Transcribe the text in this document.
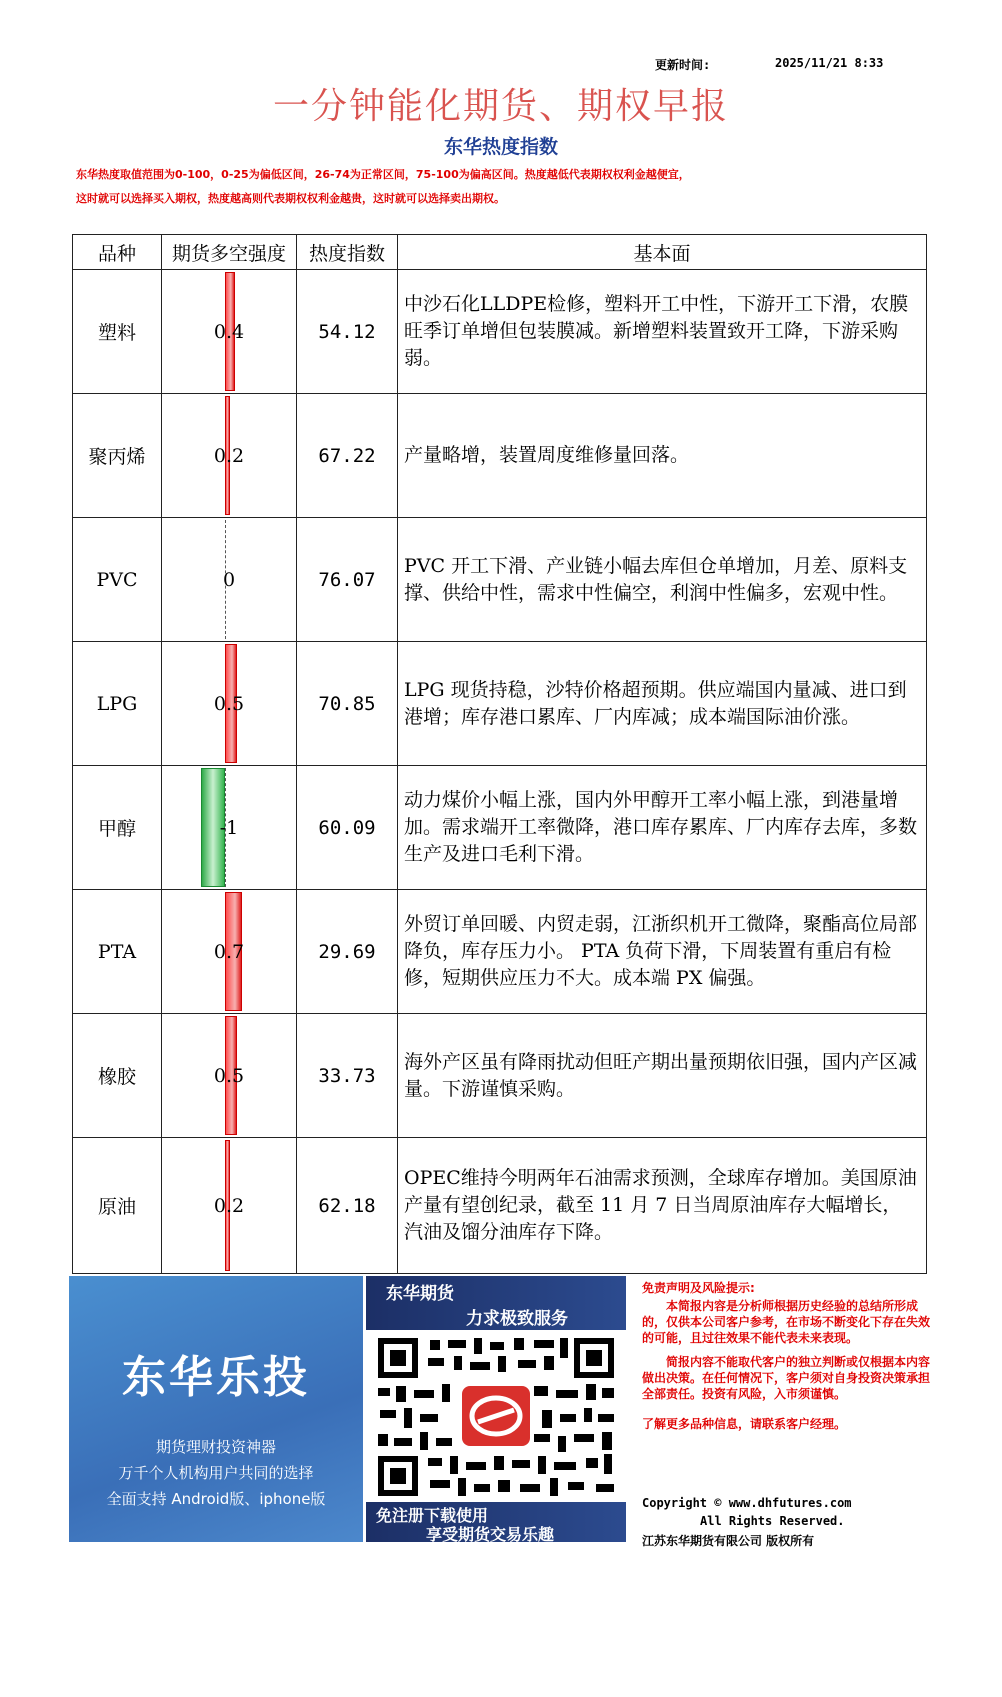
更新时间:	2025/11/21 8:33
一分钟能化期货、期权早报
东华热度指数
东华热度取值范围为0-100，0-25为偏低区间，26-74为正常区间，75-100为偏高区间。热度越低代表期权权利金越便宜，
这时就可以选择买入期权，热度越高则代表期权权利金越贵，这时就可以选择卖出期权。
品种	期货多空强度	热度指数	基本面
塑料	0.4	54.12	中沙石化LLDPE检修，塑料开工中性，下游开工下滑，农膜旺季订单增但包装膜减。新增塑料装置致开工降，下游采购弱。
聚丙烯	0.2	67.22	产量略增，装置周度维修量回落。
PVC	0	76.07	PVC 开工下滑、产业链小幅去库但仓单增加，月差、原料支撑、供给中性，需求中性偏空，利润中性偏多，宏观中性。
LPG	0.5	70.85	LPG 现货持稳，沙特价格超预期。供应端国内量减、进口到港增；库存港口累库、厂内库减；成本端国际油价涨。
甲醇	-1	60.09	动力煤价小幅上涨，国内外甲醇开工率小幅上涨，到港量增加。需求端开工率微降，港口库存累库、厂内库存去库，多数生产及进口毛利下滑。
PTA	0.7	29.69	外贸订单回暖、内贸走弱，江浙织机开工微降，聚酯高位局部降负，库存压力小。 PTA 负荷下滑，下周装置有重启有检修，短期供应压力不大。成本端 PX 偏强。
橡胶	0.5	33.73	海外产区虽有降雨扰动但旺产期出量预期依旧强，国内产区减量。下游谨慎采购。
原油	0.2	62.18	OPEC维持今明两年石油需求预测，全球库存增加。美国原油产量有望创纪录，截至 11 月 7 日当周原油库存大幅增长，汽油及馏分油库存下降。
东华乐投
期货理财投资神器
万千个人机构用户共同的选择
全面支持 Android版、iphone版
东华期货
力求极致服务
免注册下载使用
享受期货交易乐趣
免责声明及风险提示:
本简报内容是分析师根据历史经验的总结所形成的，仅供本公司客户参考，在市场不断变化下存在失效的可能，且过往效果不能代表未来表现。
简报内容不能取代客户的独立判断或仅根据本内容做出决策。在任何情况下，客户须对自身投资决策承担全部责任。投资有风险，入市须谨慎。
了解更多品种信息，请联系客户经理。
Copyright © www.dhfutures.com
All Rights Reserved.
江苏东华期货有限公司 版权所有
